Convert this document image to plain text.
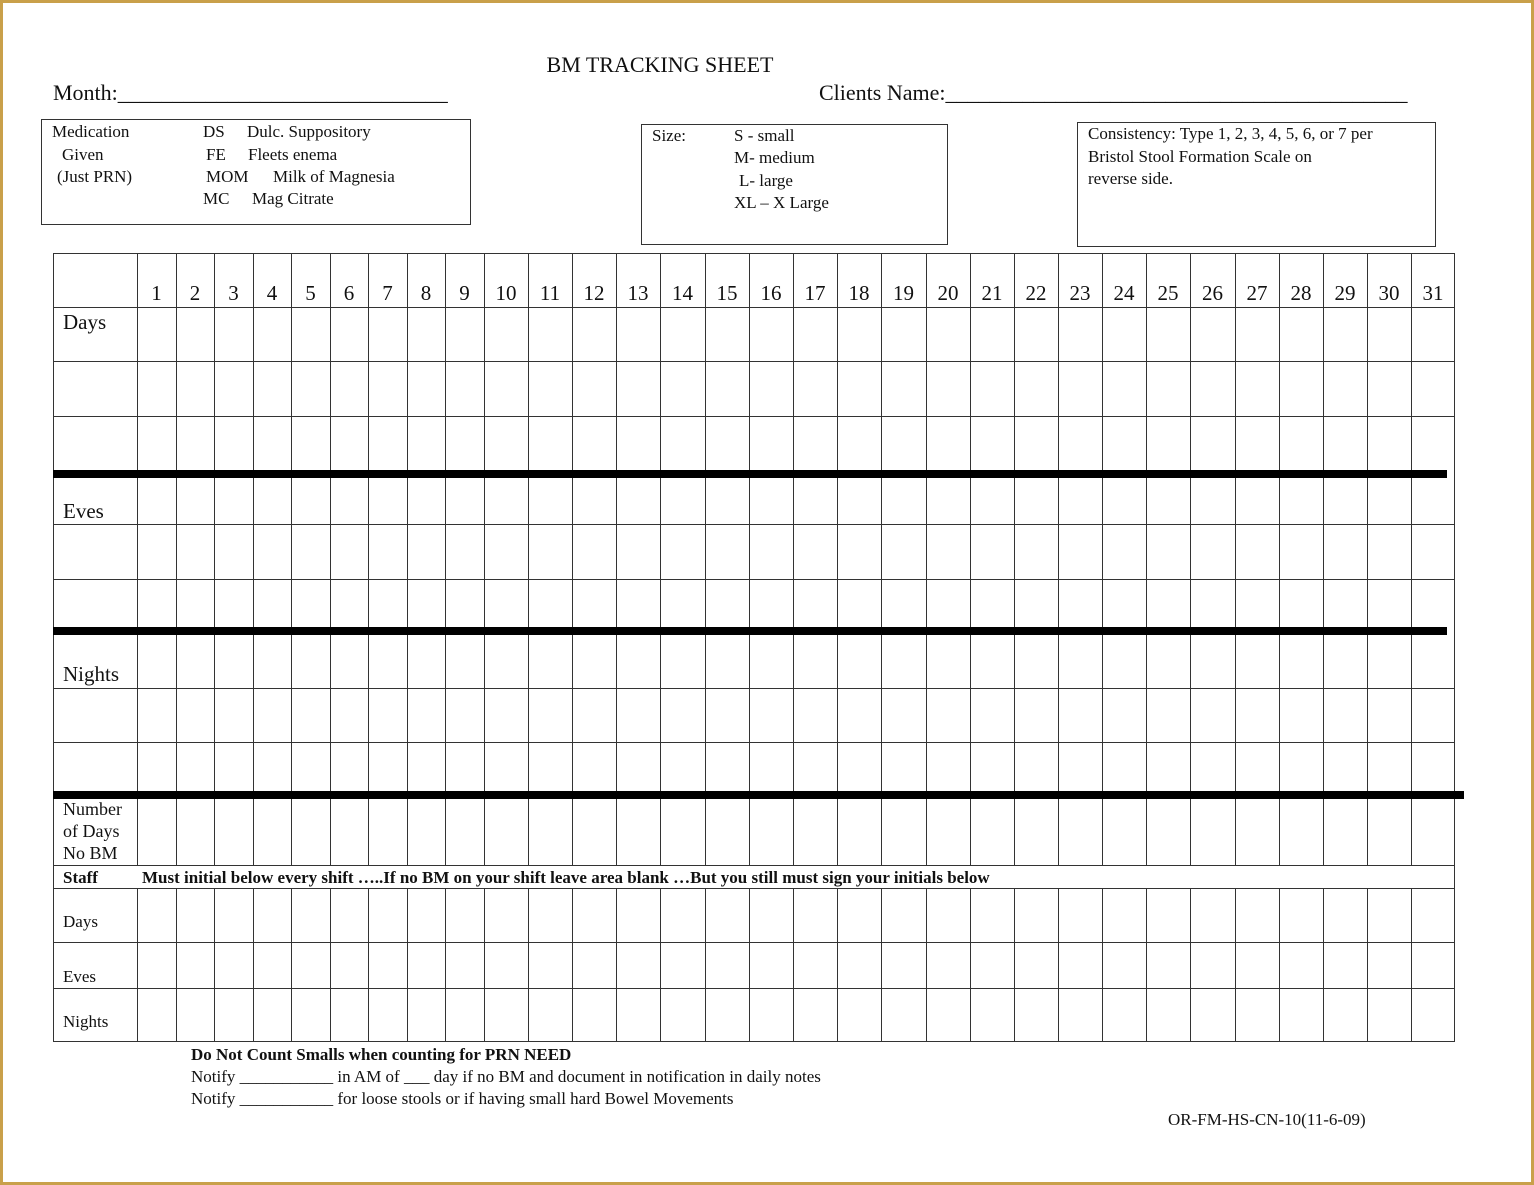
BM TRACKING SHEET
Month:______________________________	Clients Name:__________________________________________
Medication
Given
(Just PRN)
DS Dulc. Suppository
FE Fleets enema
MOM Milk of Magnesia
MC Mag Citrate
Size:	S - small
M- medium
L- large
XL – X Large
Consistency: Type 1, 2, 3, 4, 5, 6, or 7 per
Bristol Stool Formation Scale on
reverse side.
1	2	3	4	5	6	7	8	9	10	11	12	13	14	15	16	17	18	19	20	21	22	23	24	25	26	27	28	29	30	31
Days
Eves
Nights
Number
of Days
No BM
Staff	Must initial below every shift …..If no BM on your shift leave area blank …But you still must sign your initials below
Days
Eves
Nights
Do Not Count Smalls when counting for PRN NEED
Notify ___________ in AM of ___ day if no BM and document in notification in daily notes
Notify ___________ for loose stools or if having small hard Bowel Movements
OR-FM-HS-CN-10(11-6-09)
